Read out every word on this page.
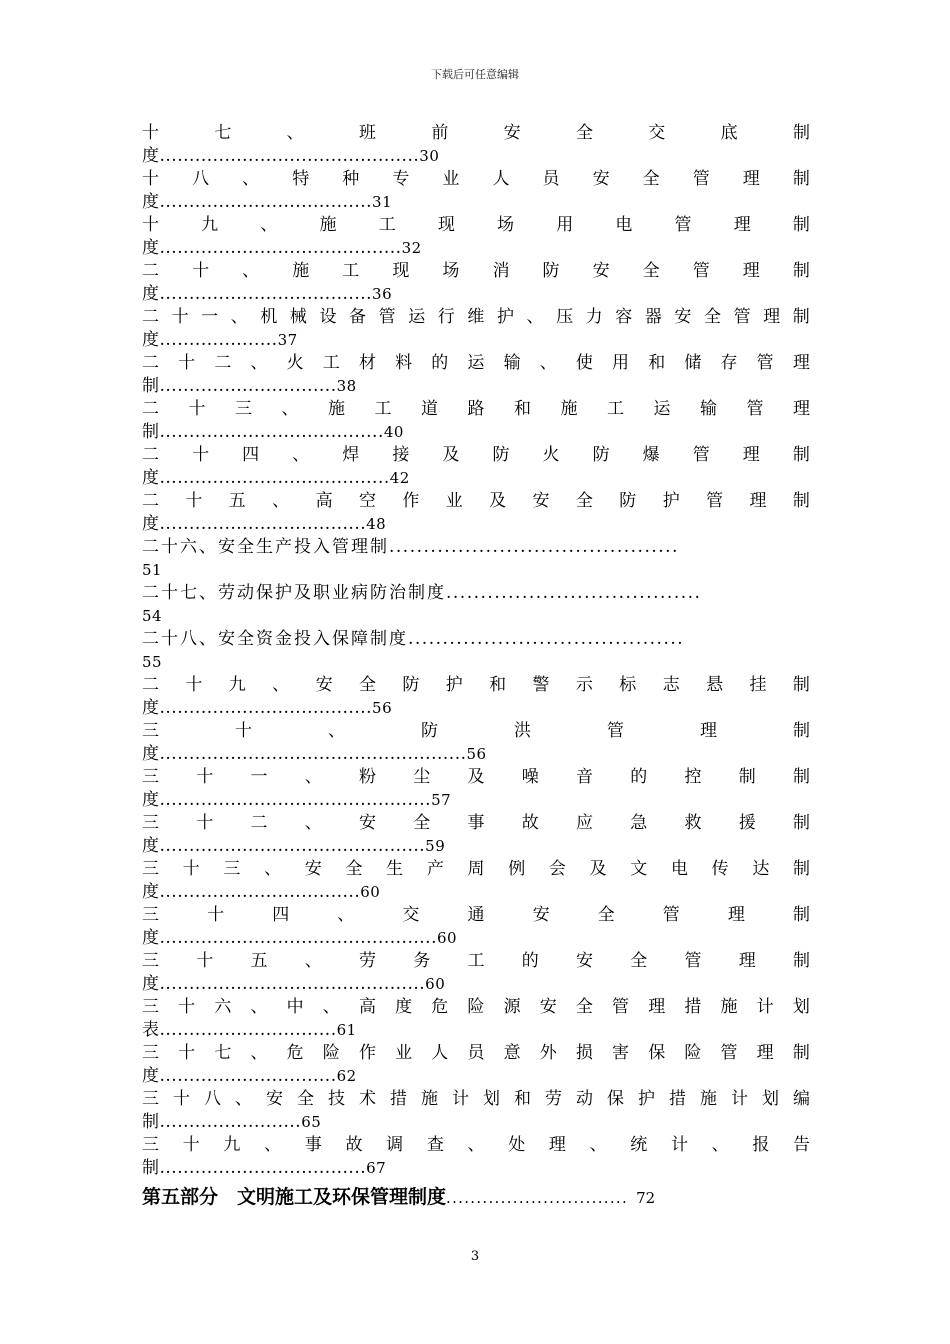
下载后可任意编辑
十	七	、	班	前	安	全	交	底	制
度............................................30
十 八 、 特 种 专 业 人 员 安 全 管 理 制
度....................................31
十 九 、 施 工 现 场 用 电 管 理 制
度.........................................32
二 十 、 施 工 现 场 消 防 安 全 管 理 制
度....................................36
二 十 一 、 机 械 设 备 管 运 行 维 护 、 压 力 容 器 安 全 管 理 制
度....................37
二 十 二 、 火 工 材 料 的 运 输 、 使 用 和 储 存 管 理
制..............................38
二 十 三 、 施 工 道 路 和 施 工 运 输 管 理
制......................................40
二 十 四 、 焊 接 及 防 火 防 爆 管 理 制
度.......................................42
二 十 五 、 高 空 作 业 及 安 全 防 护 管 理 制
度...................................48
二十六、安全生产投入管理制 ..........................................
51
二十七、劳动保护及职业病防治制度 .....................................
54
二十八、安全资金投入保障制度 ........................................
55
二 十 九 、 安 全 防 护 和 警 示 标 志 悬 挂 制
度....................................56
三	十	、	防	洪	管	理	制
度....................................................56
三 十 一 、 粉 尘 及 噪 音 的 控 制 制
度..............................................57
三 十 二 、 安 全 事 故 应 急 救 援 制
度.............................................59
三 十 三 、 安 全 生 产 周 例 会 及 文 电 传 达 制
度..................................60
三	十	四	、	交	通	安	全	管	理	制
度...............................................60
三 十 五 、 劳 务 工 的 安 全 管 理 制
度.............................................60
三 十 六 、 中 、 高 度 危 险 源 安 全 管 理 措 施 计 划
表..............................61
三 十 七 、 危 险 作 业 人 员 意 外 损 害 保 险 管 理 制
度..............................62
三 十 八 、 安 全 技 术 措 施 计 划 和 劳 动 保 护 措 施 计 划 编
制........................65
三 十 九 、 事 故 调 查 、 处 理 、 统 计 、 报 告
制...................................67
第五部分　文明施工及环保管理制度.............................. 72
3
